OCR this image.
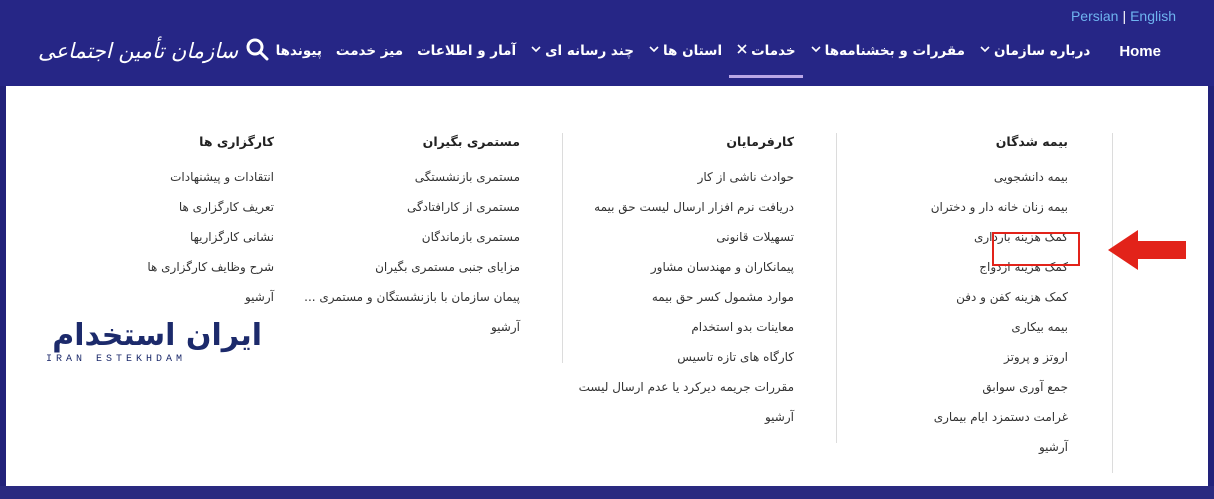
Persian | English
سازمان تأمین اجتماعی	Home
درباره سازمان
مقررات و بخشنامه‌ها
خدمات
استان ها
چند رسانه ای
آمار و اطلاعات
میز خدمت
پیوندها
بیمه شدگان
بیمه دانشجویی
بیمه زنان خانه دار و دختران
کمک هزینه بارداری
کمک هزینه ازدواج
کمک هزینه کفن و دفن
بیمه بیکاری
اروتز و پروتز
جمع آوری سوابق
غرامت دستمزد ایام بیماری
آرشیو
کارفرمایان
حوادث ناشی از کار
دریافت نرم افزار ارسال لیست حق بیمه
تسهیلات قانونی
پیمانکاران و مهندسان مشاور
موارد مشمول کسر حق بیمه
معاینات بدو استخدام
کارگاه های تازه تاسیس
مقررات جریمه دیرکرد یا عدم ارسال لیست
آرشیو
مستمری بگیران
مستمری بازنشستگی
مستمری از کارافتادگی
مستمری بازماندگان
مزایای جنبی مستمری بگیران
پیمان سازمان با بازنشستگان و مستمری ...
آرشیو
کارگزاری ها
انتقادات و پیشنهادات
تعریف کارگزاری ها
نشانی کارگزاریها
شرح وظایف کارگزاری ها
آرشیو
ایران استخدام
IRAN ESTEKHDAM
